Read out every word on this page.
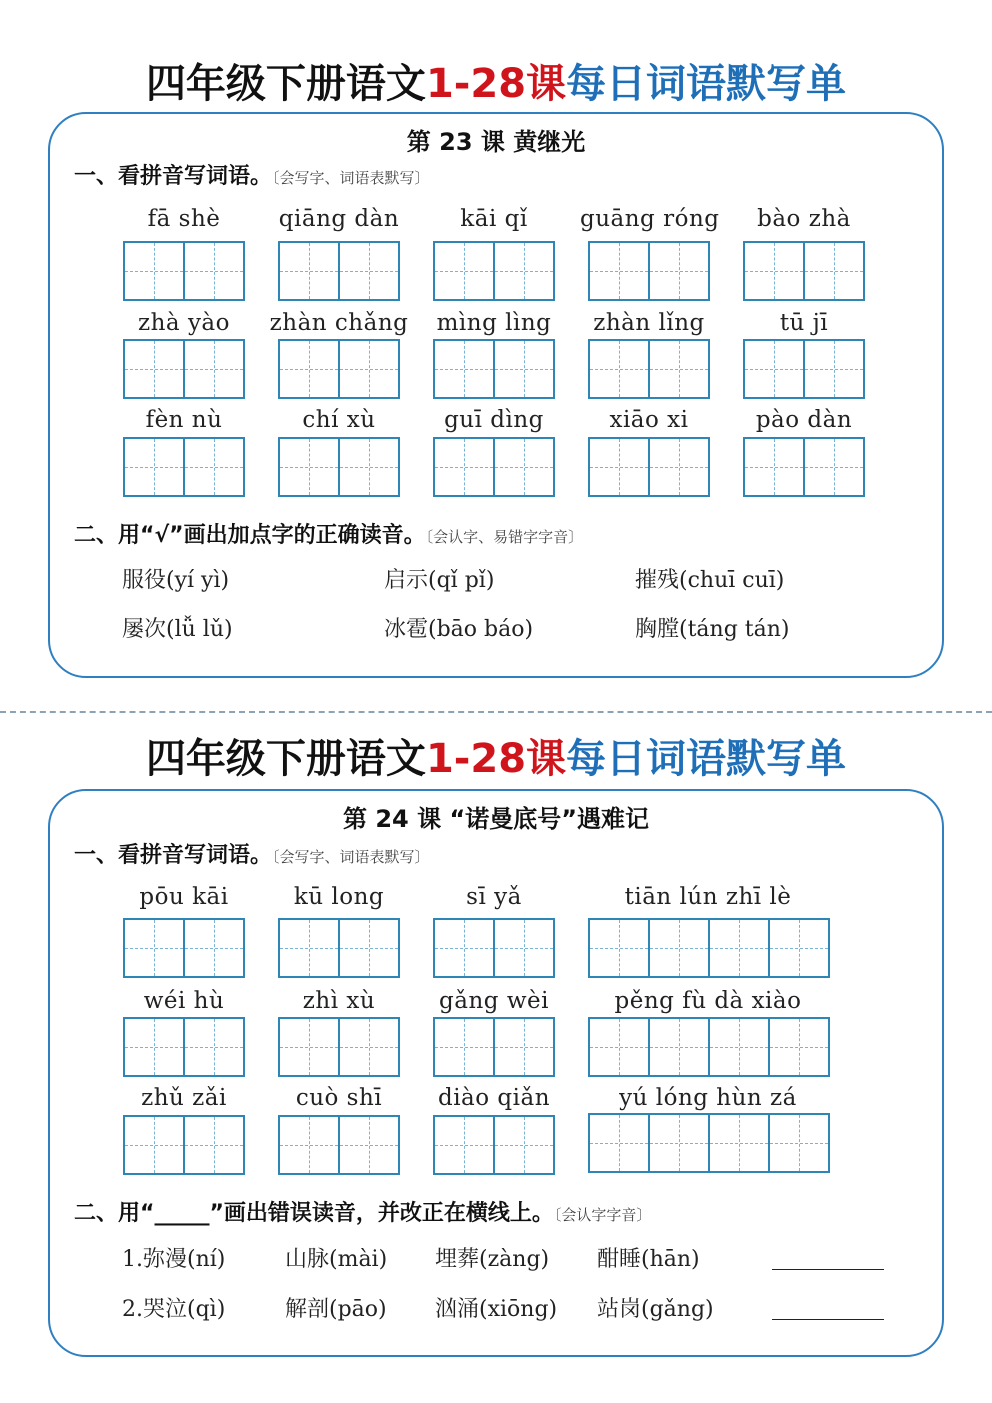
四年级下册语文1-28课每日词语默写单
第 23 课 黄继光
一、看拼音写词语。〔会写字、词语表默写〕
fā shè	qiāng dàn	kāi qǐ	guāng róng	bào zhà
zhà yào	zhàn chǎng	mìng lìng	zhàn lǐng	tū jī
fèn nù	chí xù	guī dìng	xiāo xi	pào dàn
二、用“√”画出加点字的正确读音。〔会认字、易错字字音〕
服役(yí yì)	启示(qǐ pǐ)	摧残(chuī cuī)
屡次(lǚ lǔ)	冰雹(bāo báo)	胸膛(táng tán)
四年级下册语文1-28课每日词语默写单
第 24 课 “诺曼底号”遇难记
一、看拼音写词语。〔会写字、词语表默写〕
pōu kāi	kū long	sī yǎ	tiān lún zhī lè
wéi hù	zhì xù	gǎng wèi	pěng fù dà xiào
zhǔ zǎi	cuò shī	diào qiǎn	yú lóng hùn zá
二、用“_____”画出错误读音，并改正在横线上。〔会认字字音〕
1.弥漫(ní)	山脉(mài) 埋葬(zàng) 酣睡(hān)
2.哭泣(qì)	解剖(pāo) 汹涌(xiōng) 站岗(gǎng)
